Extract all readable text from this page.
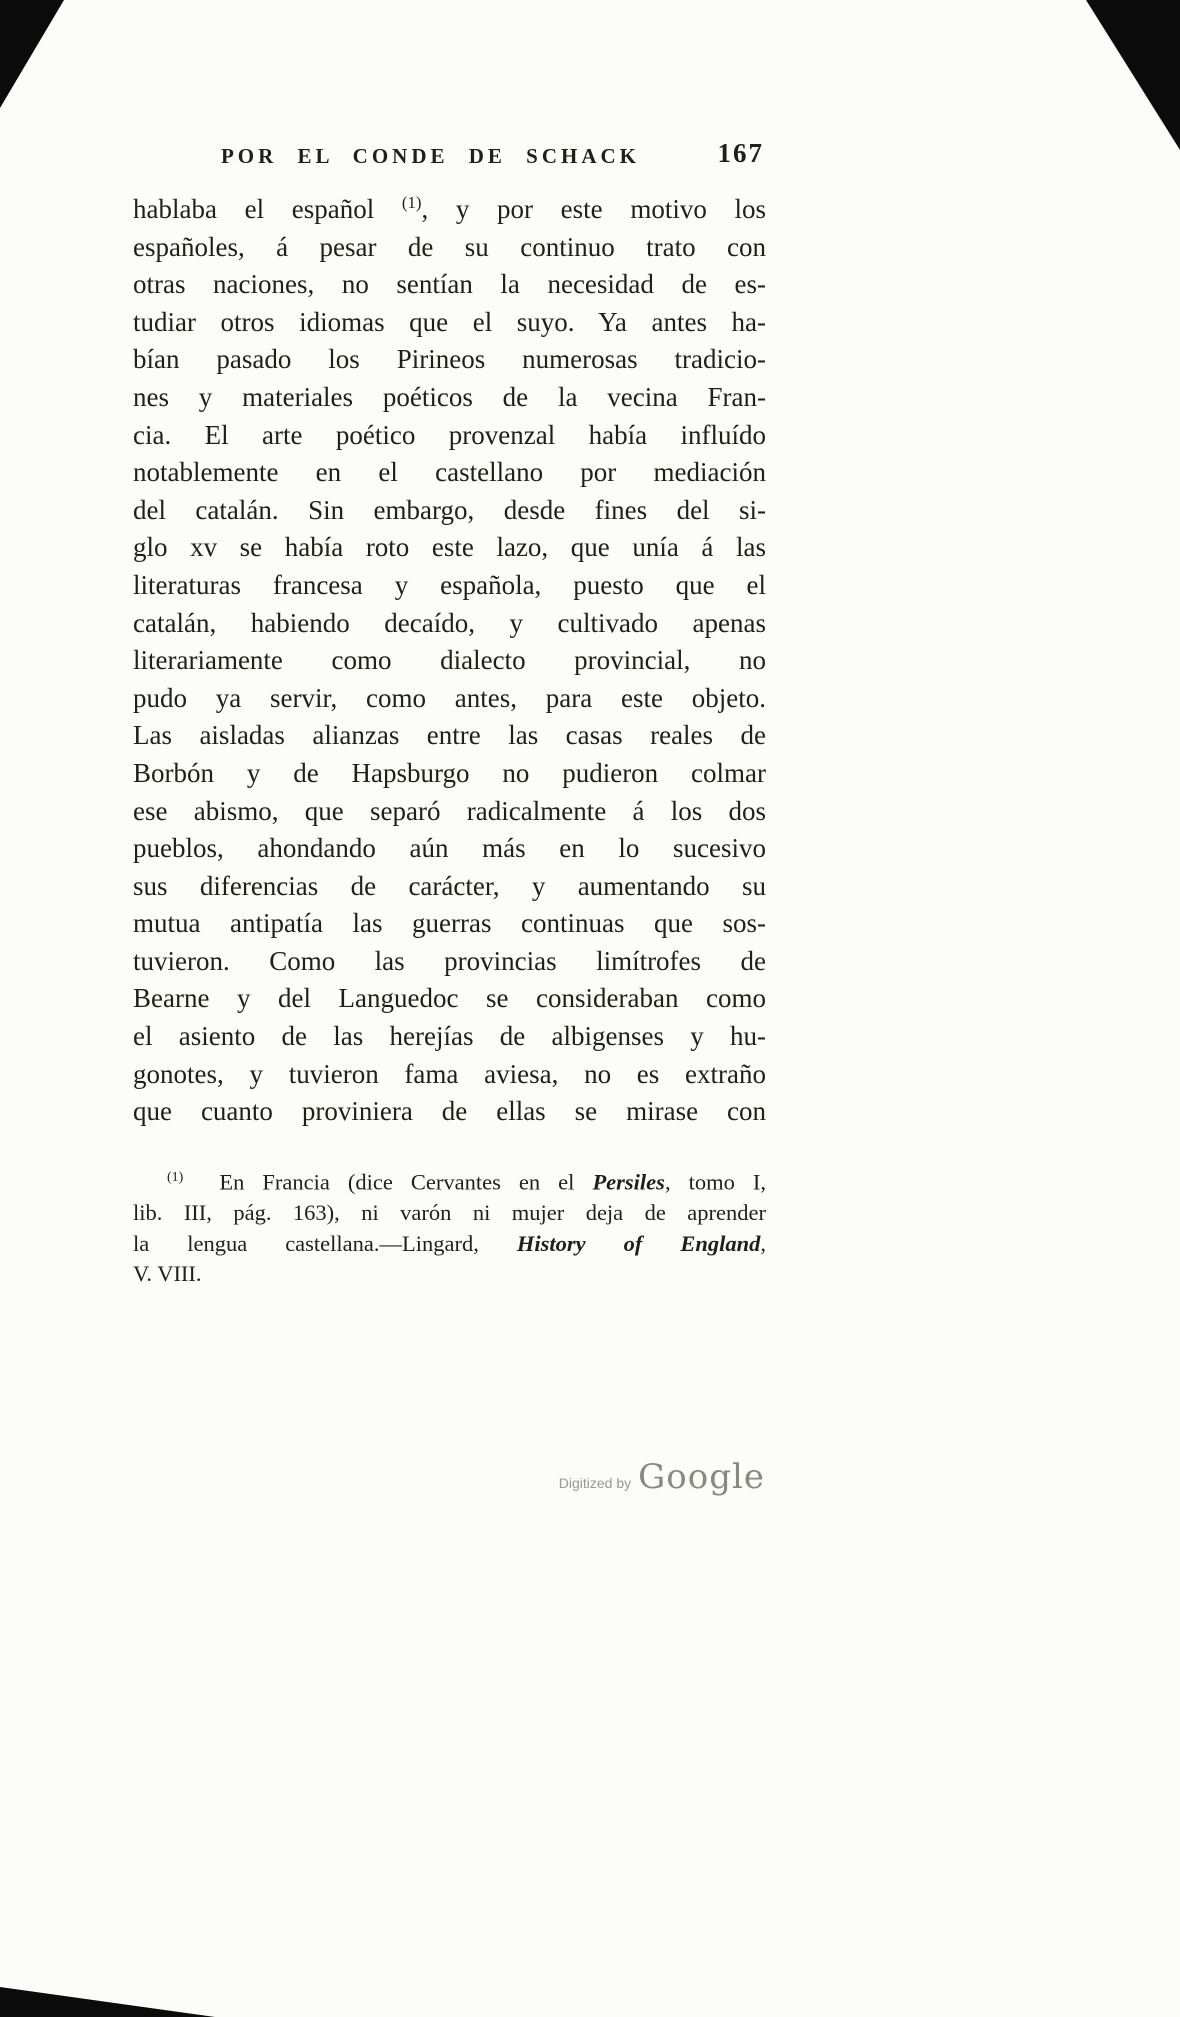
POR EL CONDE DE SCHACK	167
hablaba el español $^{(1)}$, y por este motivo los
españoles, á pesar de su continuo trato con
otras naciones, no sentían la necesidad de es-
tudiar otros idiomas que el suyo. Ya antes ha-
bían pasado los Pirineos numerosas tradicio-
nes y materiales poéticos de la vecina Fran-
cia. El arte poético provenzal había influído
notablemente en el castellano por mediación
del catalán. Sin embargo, desde fines del si-
glo xv se había roto este lazo, que unía á las
literaturas francesa y española, puesto que el
catalán, habiendo decaído, y cultivado apenas
literariamente como dialecto provincial, no
pudo ya servir, como antes, para este objeto.
Las aisladas alianzas entre las casas reales de
Borbón y de Hapsburgo no pudieron colmar
ese abismo, que separó radicalmente á los dos
pueblos, ahondando aún más en lo sucesivo
sus diferencias de carácter, y aumentando su
mutua antipatía las guerras continuas que sos-
tuvieron. Como las provincias limítrofes de
Bearne y del Languedoc se consideraban como
el asiento de las herejías de albigenses y hu-
gonotes, y tuvieron fama aviesa, no es extraño
que cuanto proviniera de ellas se mirase con
$^{(1)}$  En Francia (dice Cervantes en el Persiles, tomo I,
lib. III, pág. 163), ni varón ni mujer deja de aprender
la lengua castellana.—Lingard, History of England,
V. VIII.
Digitized by Google
